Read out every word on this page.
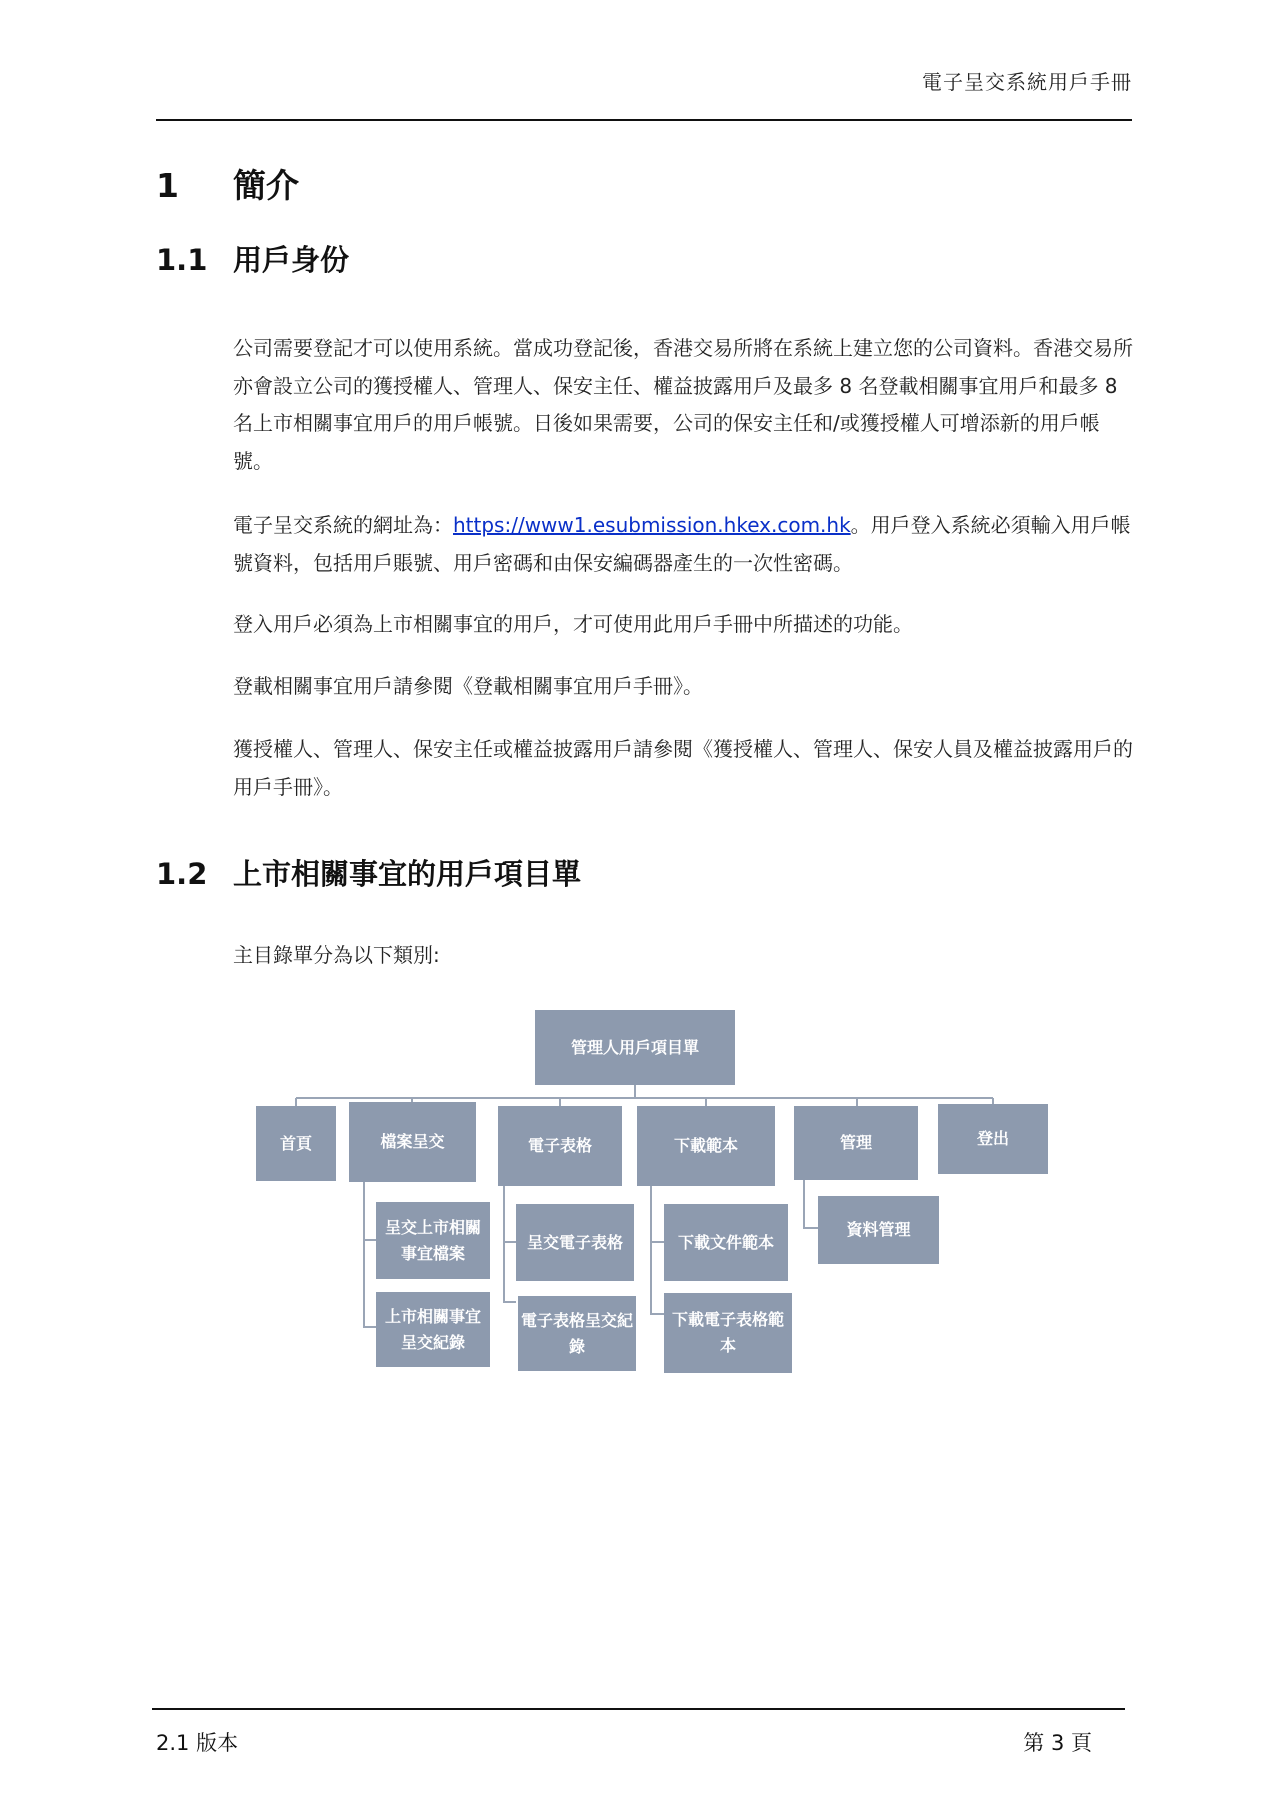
電子呈交系統用戶手冊
1 簡介
1.1 用戶身份

公司需要登記才可以使用系統。當成功登記後，香港交易所將在系統上建立您的公司資料。香港交易所亦會設立公司的獲授權人、管理人、保安主任、權益披露用戶及最多 8 名登載相關事宜用戶和最多 8 名上市相關事宜用戶的用戶帳號。日後如果需要，公司的保安主任和/或獲授權人可增添新的用戶帳號。

電子呈交系統的網址為：https://www1.esubmission.hkex.com.hk。用戶登入系統必須輸入用戶帳號資料，包括用戶賬號、用戶密碼和由保安編碼器產生的一次性密碼。

登入用戶必須為上市相關事宜的用戶，才可使用此用戶手冊中所描述的功能。

登載相關事宜用戶請參閱《登載相關事宜用戶手冊》。

獲授權人、管理人、保安主任或權益披露用戶請參閱《獲授權人、管理人、保安人員及權益披露用戶的用戶手冊》。

1.2 上市相關事宜的用戶項目單

主目錄單分為以下類別:

管理人用戶項目單
首頁	檔案呈交	電子表格	下載範本	管理	登出
呈交上市相關事宜檔案
上市相關事宜呈交紀錄
呈交電子表格
電子表格呈交紀錄
下載文件範本
下載電子表格範本
資料管理
2.1 版本	第 3 頁
